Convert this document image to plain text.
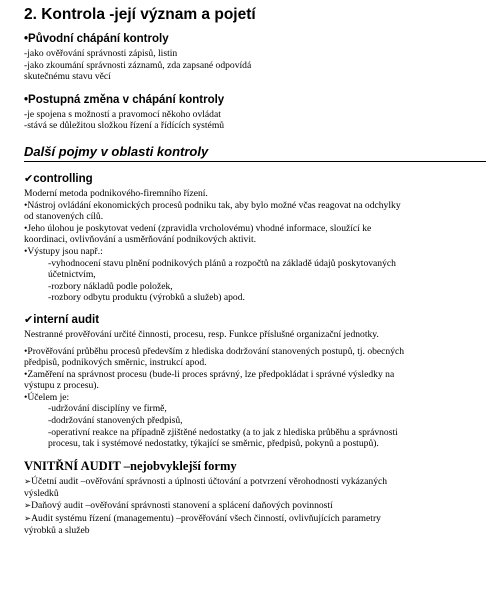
2. Kontrola -její význam a pojetí
•Původní chápání kontroly

-jako ověřování správnosti zápisů, listin

-jako zkoumání správnosti záznamů, zda zapsané odpovídá

skutečnému stavu věcí

•Postupná změna v chápání kontroly

-je spojena s možností a pravomocí někoho ovládat

-stává se důležitou složkou řízení a řídících systémů

Další pojmy v oblasti kontroly
✔controlling

Moderní metoda podnikového-firemního řízení.

•Nástroj ovládání ekonomických procesů podniku tak, aby bylo možné včas reagovat na odchylky

od stanovených cílů.

•Jeho úlohou je poskytovat vedení (zpravidla vrcholovému) vhodné informace, sloužící ke

koordinaci, ovlivňování a usměrňování podnikových aktivit.

•Výstupy jsou např.:

-vyhodnocení stavu plnění podnikových plánů a rozpočtů na základě údajů poskytovaných

účetnictvím,

-rozbory nákladů podle položek,

-rozbory odbytu produktu (výrobků a služeb) apod.

✔interní audit

Nestranné prověřování určité činnosti, procesu, resp. Funkce příslušné organizační jednotky.

•Prověřování průběhu procesů především z hlediska dodržování stanovených postupů, tj. obecných

předpisů, podnikových směrnic, instrukcí apod.

•Zaměření na správnost procesu (bude-li proces správný, lze předpokládat i správné výsledky na

výstupu z procesu).

•Účelem je:

-udržování disciplíny ve firmě,

-dodržování stanovených předpisů,

-operativní reakce na případně zjištěné nedostatky (a to jak z hlediska průběhu a správnosti

procesu, tak i systémové nedostatky, týkající se směrnic, předpisů, pokynů a postupů).

VNITŘNÍ AUDIT –nejobvyklejší formy

➢Účetní audit –ověřování správnosti a úplnosti účtování a potvrzení věrohodnosti vykázaných

výsledků

➢Daňový audit –ověřování správnosti stanovení a splácení daňových povinností

➢Audit systému řízení (managementu) –prověřování všech činností, ovlivňujících parametry

výrobků a služeb
